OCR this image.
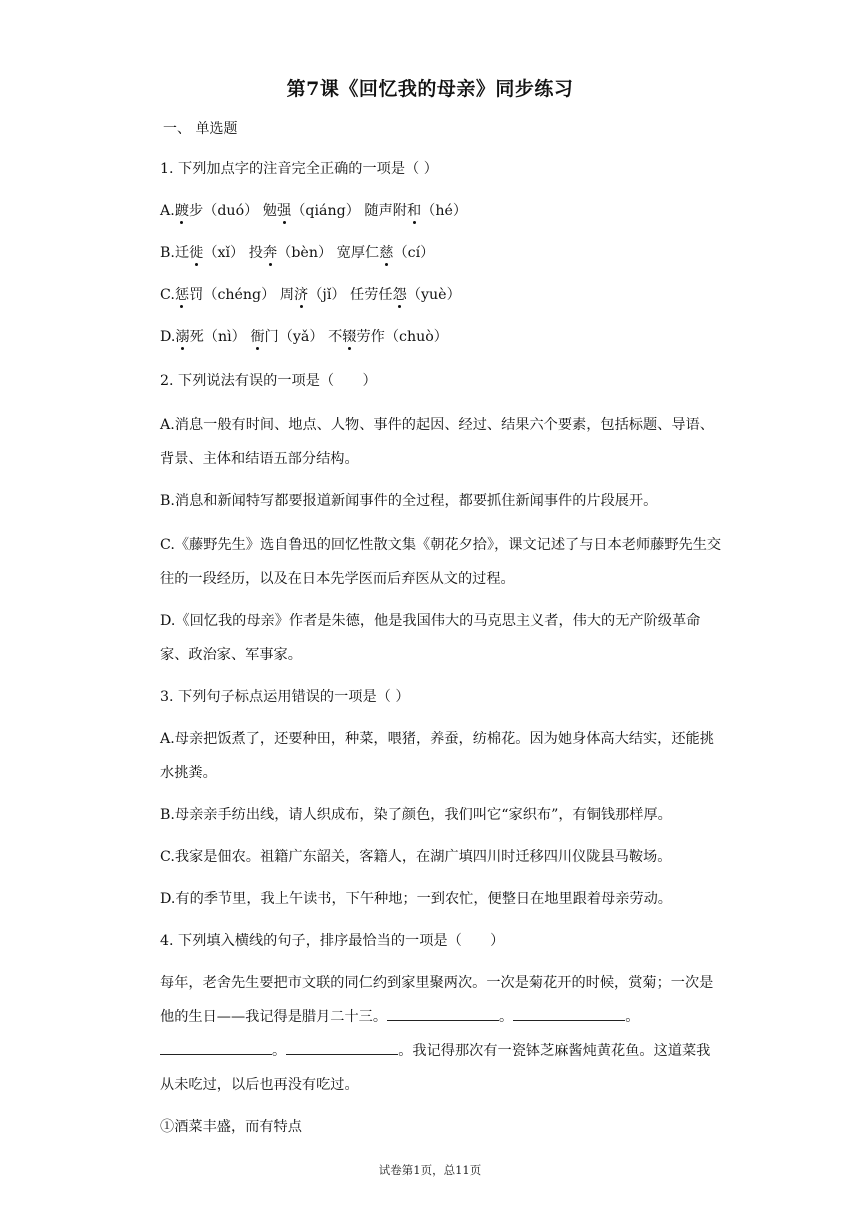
第7课《回忆我的母亲》同步练习
一、 单选题

1. 下列加点字的注音完全正确的一项是（ ）

A.踱步（duó） 勉强（qiáng） 随声附和（hé）

B.迁徙（xǐ） 投奔（bèn） 宽厚仁慈（cí）

C.惩罚（chéng） 周济（jǐ） 任劳任怨（yuè）

D.溺死（nì） 衙门（yǎ） 不辍劳作（chuò）

2. 下列说法有误的一项是（　　）

A.消息一般有时间、地点、人物、事件的起因、经过、结果六个要素，包括标题、导语、背景、主体和结语五部分结构。

B.消息和新闻特写都要报道新闻事件的全过程，都要抓住新闻事件的片段展开。

C.《藤野先生》选自鲁迅的回忆性散文集《朝花夕拾》，课文记述了与日本老师藤野先生交往的一段经历，以及在日本先学医而后弃医从文的过程。

D.《回忆我的母亲》作者是朱德，他是我国伟大的马克思主义者，伟大的无产阶级革命家、政治家、军事家。

3. 下列句子标点运用错误的一项是（ ）

A.母亲把饭煮了，还要种田，种菜，喂猪，养蚕，纺棉花。因为她身体高大结实，还能挑水挑粪。

B.母亲亲手纺出线，请人织成布，染了颜色，我们叫它“家织布”，有铜钱那样厚。

C.我家是佃农。祖籍广东韶关，客籍人，在湖广填四川时迁移四川仪陇县马鞍场。

D.有的季节里，我上午读书，下午种地；一到农忙，便整日在地里跟着母亲劳动。

4. 下列填入横线的句子，排序最恰当的一项是（　　）

每年，老舍先生要把市文联的同仁约到家里聚两次。一次是菊花开的时候，赏菊；一次是他的生日——我记得是腊月二十三。	。	。。	。我记得那次有一瓷钵芝麻酱炖黄花鱼。这道菜我从未吃过，以后也再没有吃过。

①酒菜丰盛，而有特点

试卷第1页，总11页
